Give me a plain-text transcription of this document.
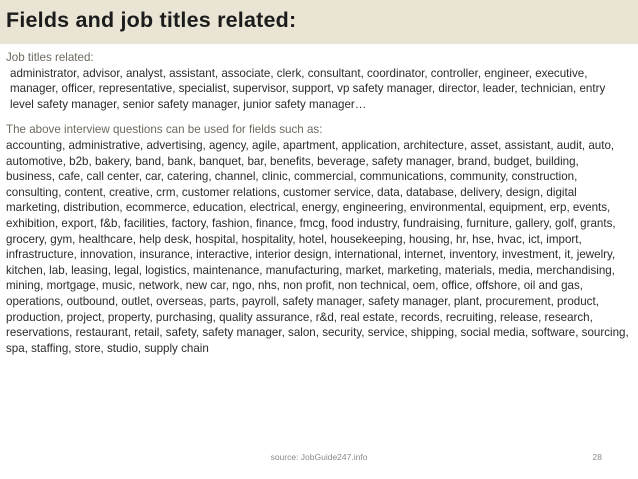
Fields and job titles related:

Job titles related:

administrator, advisor, analyst, assistant, associate, clerk, consultant, coordinator, controller, engineer, executive, manager, officer, representative, specialist, supervisor, support, vp safety manager, director, leader, technician, entry level safety manager, senior safety manager, junior safety manager…

The above interview questions can be used for fields such as:

accounting, administrative, advertising, agency, agile, apartment, application, architecture, asset, assistant, audit, auto, automotive, b2b, bakery, band, bank, banquet, bar, benefits, beverage, safety manager, brand, budget, building, business, cafe, call center, car, catering, channel, clinic, commercial, communications, community, construction, consulting, content, creative, crm, customer relations, customer service, data, database, delivery, design, digital marketing, distribution, ecommerce, education, electrical, energy, engineering, environmental, equipment, erp, events, exhibition, export, f&b, facilities, factory, fashion, finance, fmcg, food industry, fundraising, furniture, gallery, golf, grants, grocery, gym, healthcare, help desk, hospital, hospitality, hotel, housekeeping, housing, hr, hse, hvac, ict, import, infrastructure, innovation, insurance, interactive, interior design, international, internet, inventory, investment, it, jewelry, kitchen, lab, leasing, legal, logistics, maintenance, manufacturing, market, marketing, materials, media, merchandising, mining, mortgage, music, network, new car, ngo, nhs, non profit, non technical, oem, office, offshore, oil and gas, operations, outbound, outlet, overseas, parts, payroll, safety manager, safety manager, plant, procurement, product, production, project, property, purchasing, quality assurance, r&d, real estate, records, recruiting, release, research, reservations, restaurant, retail, safety, safety manager, salon, security, service, shipping, social media, software, sourcing, spa, staffing, store, studio, supply chain

source: JobGuide247.info	28
